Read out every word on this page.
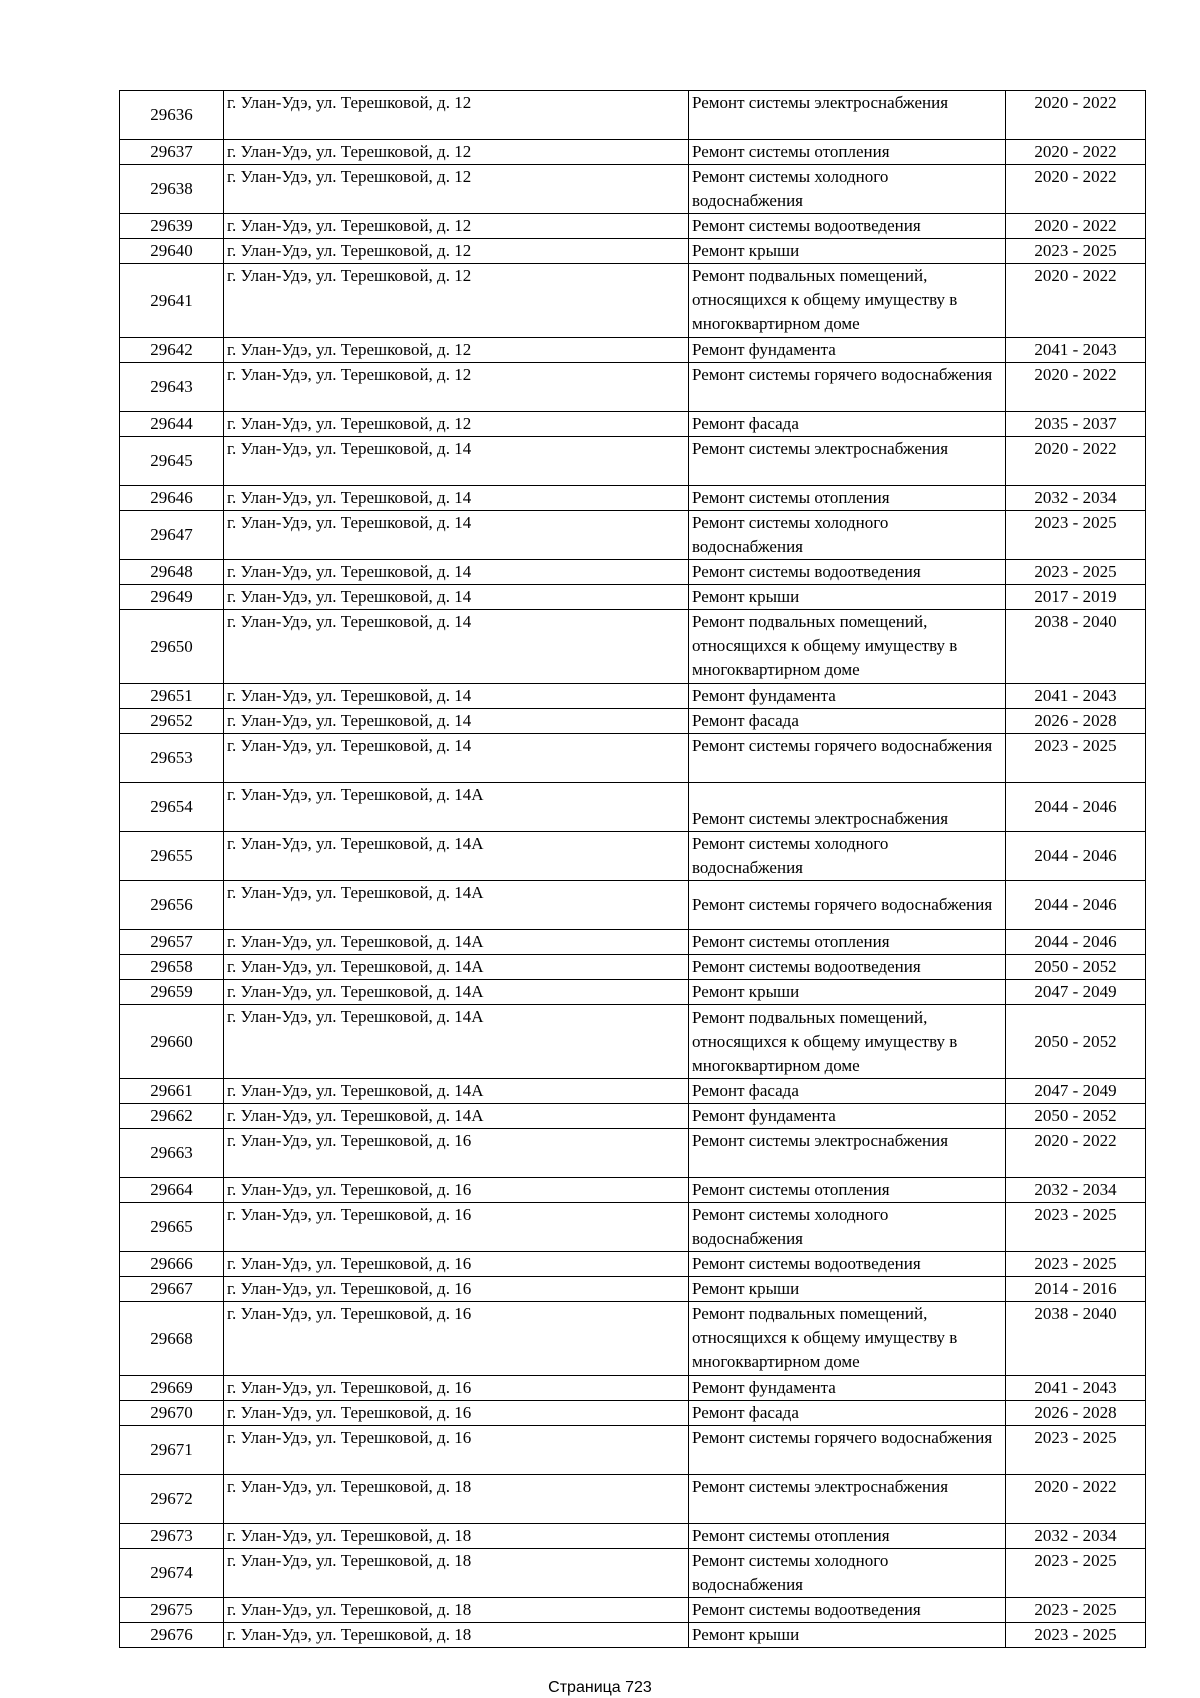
29636	г. Улан-Удэ, ул. Терешковой, д. 12	Ремонт системы электроснабжения	2020 - 2022
29637	г. Улан-Удэ, ул. Терешковой, д. 12	Ремонт системы отопления	2020 - 2022
29638	г. Улан-Удэ, ул. Терешковой, д. 12	Ремонт системы холодного водоснабжения	2020 - 2022
29639	г. Улан-Удэ, ул. Терешковой, д. 12	Ремонт системы водоотведения	2020 - 2022
29640	г. Улан-Удэ, ул. Терешковой, д. 12	Ремонт крыши	2023 - 2025
29641	г. Улан-Удэ, ул. Терешковой, д. 12	Ремонт подвальных помещений, относящихся к общему имуществу в многоквартирном доме	2020 - 2022
29642	г. Улан-Удэ, ул. Терешковой, д. 12	Ремонт фундамента	2041 - 2043
29643	г. Улан-Удэ, ул. Терешковой, д. 12	Ремонт системы горячего водоснабжения	2020 - 2022
29644	г. Улан-Удэ, ул. Терешковой, д. 12	Ремонт фасада	2035 - 2037
29645	г. Улан-Удэ, ул. Терешковой, д. 14	Ремонт системы электроснабжения	2020 - 2022
29646	г. Улан-Удэ, ул. Терешковой, д. 14	Ремонт системы отопления	2032 - 2034
29647	г. Улан-Удэ, ул. Терешковой, д. 14	Ремонт системы холодного водоснабжения	2023 - 2025
29648	г. Улан-Удэ, ул. Терешковой, д. 14	Ремонт системы водоотведения	2023 - 2025
29649	г. Улан-Удэ, ул. Терешковой, д. 14	Ремонт крыши	2017 - 2019
29650	г. Улан-Удэ, ул. Терешковой, д. 14	Ремонт подвальных помещений, относящихся к общему имуществу в многоквартирном доме	2038 - 2040
29651	г. Улан-Удэ, ул. Терешковой, д. 14	Ремонт фундамента	2041 - 2043
29652	г. Улан-Удэ, ул. Терешковой, д. 14	Ремонт фасада	2026 - 2028
29653	г. Улан-Удэ, ул. Терешковой, д. 14	Ремонт системы горячего водоснабжения	2023 - 2025
29654	г. Улан-Удэ, ул. Терешковой, д. 14А	Ремонт системы электроснабжения	2044 - 2046
29655	г. Улан-Удэ, ул. Терешковой, д. 14А	Ремонт системы холодного водоснабжения	2044 - 2046
29656	г. Улан-Удэ, ул. Терешковой, д. 14А	Ремонт системы горячего водоснабжения	2044 - 2046
29657	г. Улан-Удэ, ул. Терешковой, д. 14А	Ремонт системы отопления	2044 - 2046
29658	г. Улан-Удэ, ул. Терешковой, д. 14А	Ремонт системы водоотведения	2050 - 2052
29659	г. Улан-Удэ, ул. Терешковой, д. 14А	Ремонт крыши	2047 - 2049
29660	г. Улан-Удэ, ул. Терешковой, д. 14А	Ремонт подвальных помещений, относящихся к общему имуществу в многоквартирном доме	2050 - 2052
29661	г. Улан-Удэ, ул. Терешковой, д. 14А	Ремонт фасада	2047 - 2049
29662	г. Улан-Удэ, ул. Терешковой, д. 14А	Ремонт фундамента	2050 - 2052
29663	г. Улан-Удэ, ул. Терешковой, д. 16	Ремонт системы электроснабжения	2020 - 2022
29664	г. Улан-Удэ, ул. Терешковой, д. 16	Ремонт системы отопления	2032 - 2034
29665	г. Улан-Удэ, ул. Терешковой, д. 16	Ремонт системы холодного водоснабжения	2023 - 2025
29666	г. Улан-Удэ, ул. Терешковой, д. 16	Ремонт системы водоотведения	2023 - 2025
29667	г. Улан-Удэ, ул. Терешковой, д. 16	Ремонт крыши	2014 - 2016
29668	г. Улан-Удэ, ул. Терешковой, д. 16	Ремонт подвальных помещений, относящихся к общему имуществу в многоквартирном доме	2038 - 2040
29669	г. Улан-Удэ, ул. Терешковой, д. 16	Ремонт фундамента	2041 - 2043
29670	г. Улан-Удэ, ул. Терешковой, д. 16	Ремонт фасада	2026 - 2028
29671	г. Улан-Удэ, ул. Терешковой, д. 16	Ремонт системы горячего водоснабжения	2023 - 2025
29672	г. Улан-Удэ, ул. Терешковой, д. 18	Ремонт системы электроснабжения	2020 - 2022
29673	г. Улан-Удэ, ул. Терешковой, д. 18	Ремонт системы отопления	2032 - 2034
29674	г. Улан-Удэ, ул. Терешковой, д. 18	Ремонт системы холодного водоснабжения	2023 - 2025
29675	г. Улан-Удэ, ул. Терешковой, д. 18	Ремонт системы водоотведения	2023 - 2025
29676	г. Улан-Удэ, ул. Терешковой, д. 18	Ремонт крыши	2023 - 2025
Страница 723
